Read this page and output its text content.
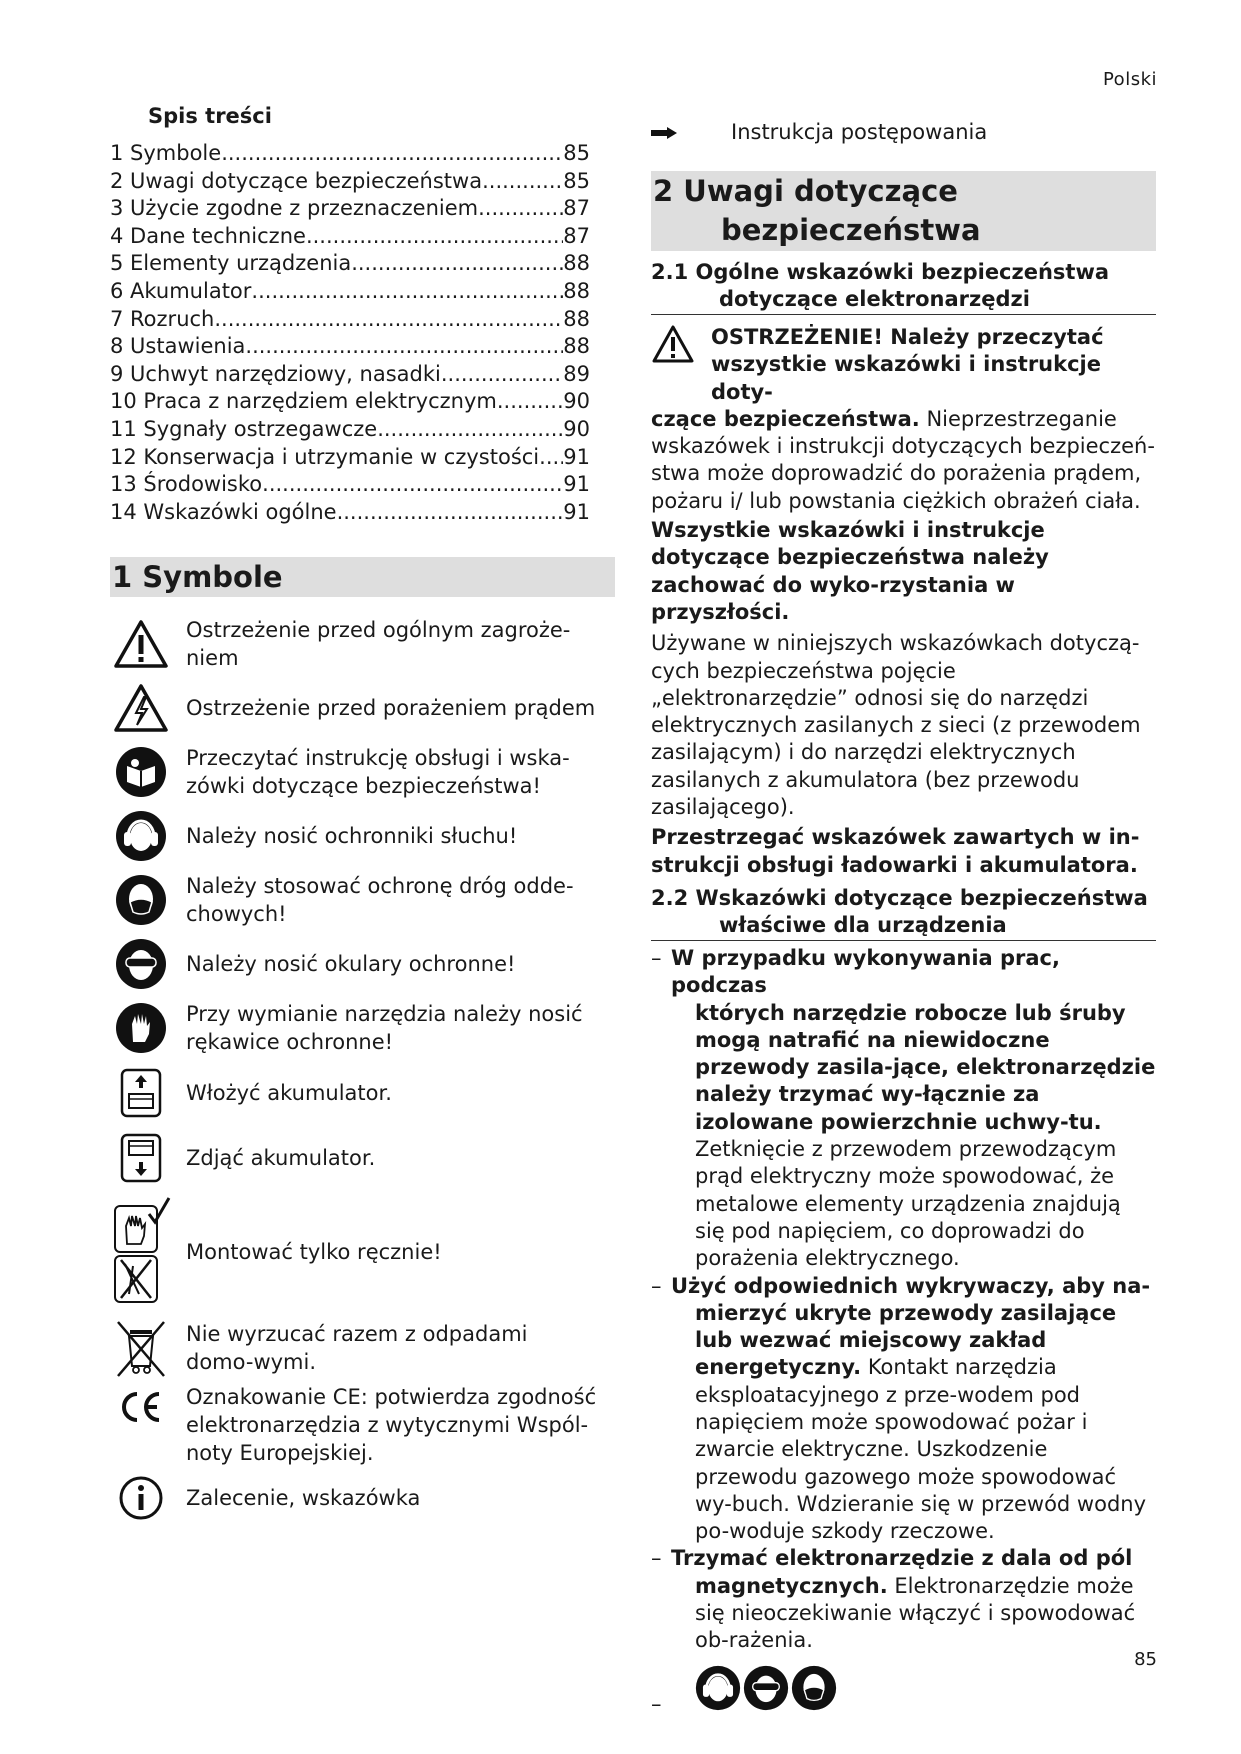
Polski
Spis treści
1 Symbole .....	85
2 Uwagi dotyczące bezpieczeństwa .....	85
3 Użycie zgodne z przeznaczeniem .....	87
4 Dane techniczne .....	87
5 Elementy urządzenia .....	88
6 Akumulator .....	88
7 Rozruch .....	88
8 Ustawienia .....	88
9 Uchwyt narzędziowy, nasadki .....	89
10 Praca z narzędziem elektrycznym .....	90
11 Sygnały ostrzegawcze .....	90
12 Konserwacja i utrzymanie w czystości ..... 91
13 Środowisko .....	91
14 Wskazówki ogólne .....	91
1 Symbole
Ostrzeżenie przed ogólnym zagroże-niem
Ostrzeżenie przed porażeniem prądem
Przeczytać instrukcję obsługi i wska-zówki dotyczące bezpieczeństwa!
Należy nosić ochronniki słuchu!
Należy stosować ochronę dróg odde-chowych!
Należy nosić okulary ochronne!
Przy wymianie narzędzia należy nosić rękawice ochronne!
Włożyć akumulator.
Zdjąć akumulator.
Montować tylko ręcznie!
Nie wyrzucać razem z odpadami domo-wymi.
Oznakowanie CE: potwierdza zgodność elektronarzędzia z wytycznymi Wspól-noty Europejskiej.
Zalecenie, wskazówka
Instrukcja postępowania
2 Uwagi dotyczące
bezpieczeństwa
2.1 Ogólne wskazówki bezpieczeństwa
dotyczące elektronarzędzi
OSTRZEŻENIE! Należy przeczytać
wszystkie wskazówki i instrukcje doty-

czące bezpieczeństwa. Nieprzestrzeganie wskazówek i instrukcji dotyczących bezpieczeń-stwa może doprowadzić do porażenia prądem, pożaru i/ lub powstania ciężkich obrażeń ciała.

Wszystkie wskazówki i instrukcje dotyczące bezpieczeństwa należy zachować do wyko-rzystania w przyszłości.

Używane w niniejszych wskazówkach dotyczą-cych bezpieczeństwa pojęcie „elektronarzędzie” odnosi się do narzędzi elektrycznych zasilanych z sieci (z przewodem zasilającym) i do narzędzi elektrycznych zasilanych z akumulatora (bez przewodu zasilającego).

Przestrzegać wskazówek zawartych w in-strukcji obsługi ładowarki i akumulatora.

2.2 Wskazówki dotyczące bezpieczeństwa
właściwe dla urządzenia
– W przypadku wykonywania prac, podczas
których narzędzie robocze lub śruby mogą natrafić na niewidoczne przewody zasila-jące, elektronarzędzie należy trzymać wy-łącznie za izolowane powierzchnie uchwy-tu. Zetknięcie z przewodem przewodzącym prąd elektryczny może spowodować, że metalowe elementy urządzenia znajdują się pod napięciem, co doprowadzi do porażenia elektrycznego.
– Użyć odpowiednich wykrywaczy, aby na-
mierzyć ukryte przewody zasilające lub wezwać miejscowy zakład energetyczny. Kontakt narzędzia eksploatacyjnego z prze-wodem pod napięciem może spowodować pożar i zwarcie elektryczne. Uszkodzenie przewodu gazowego może spowodować wy-buch. Wdzieranie się w przewód wodny po-woduje szkody rzeczowe.
– Trzymać elektronarzędzie z dala od pól
magnetycznych. Elektronarzędzie może się nieoczekiwanie włączyć i spowodować ob-rażenia.
–
85
